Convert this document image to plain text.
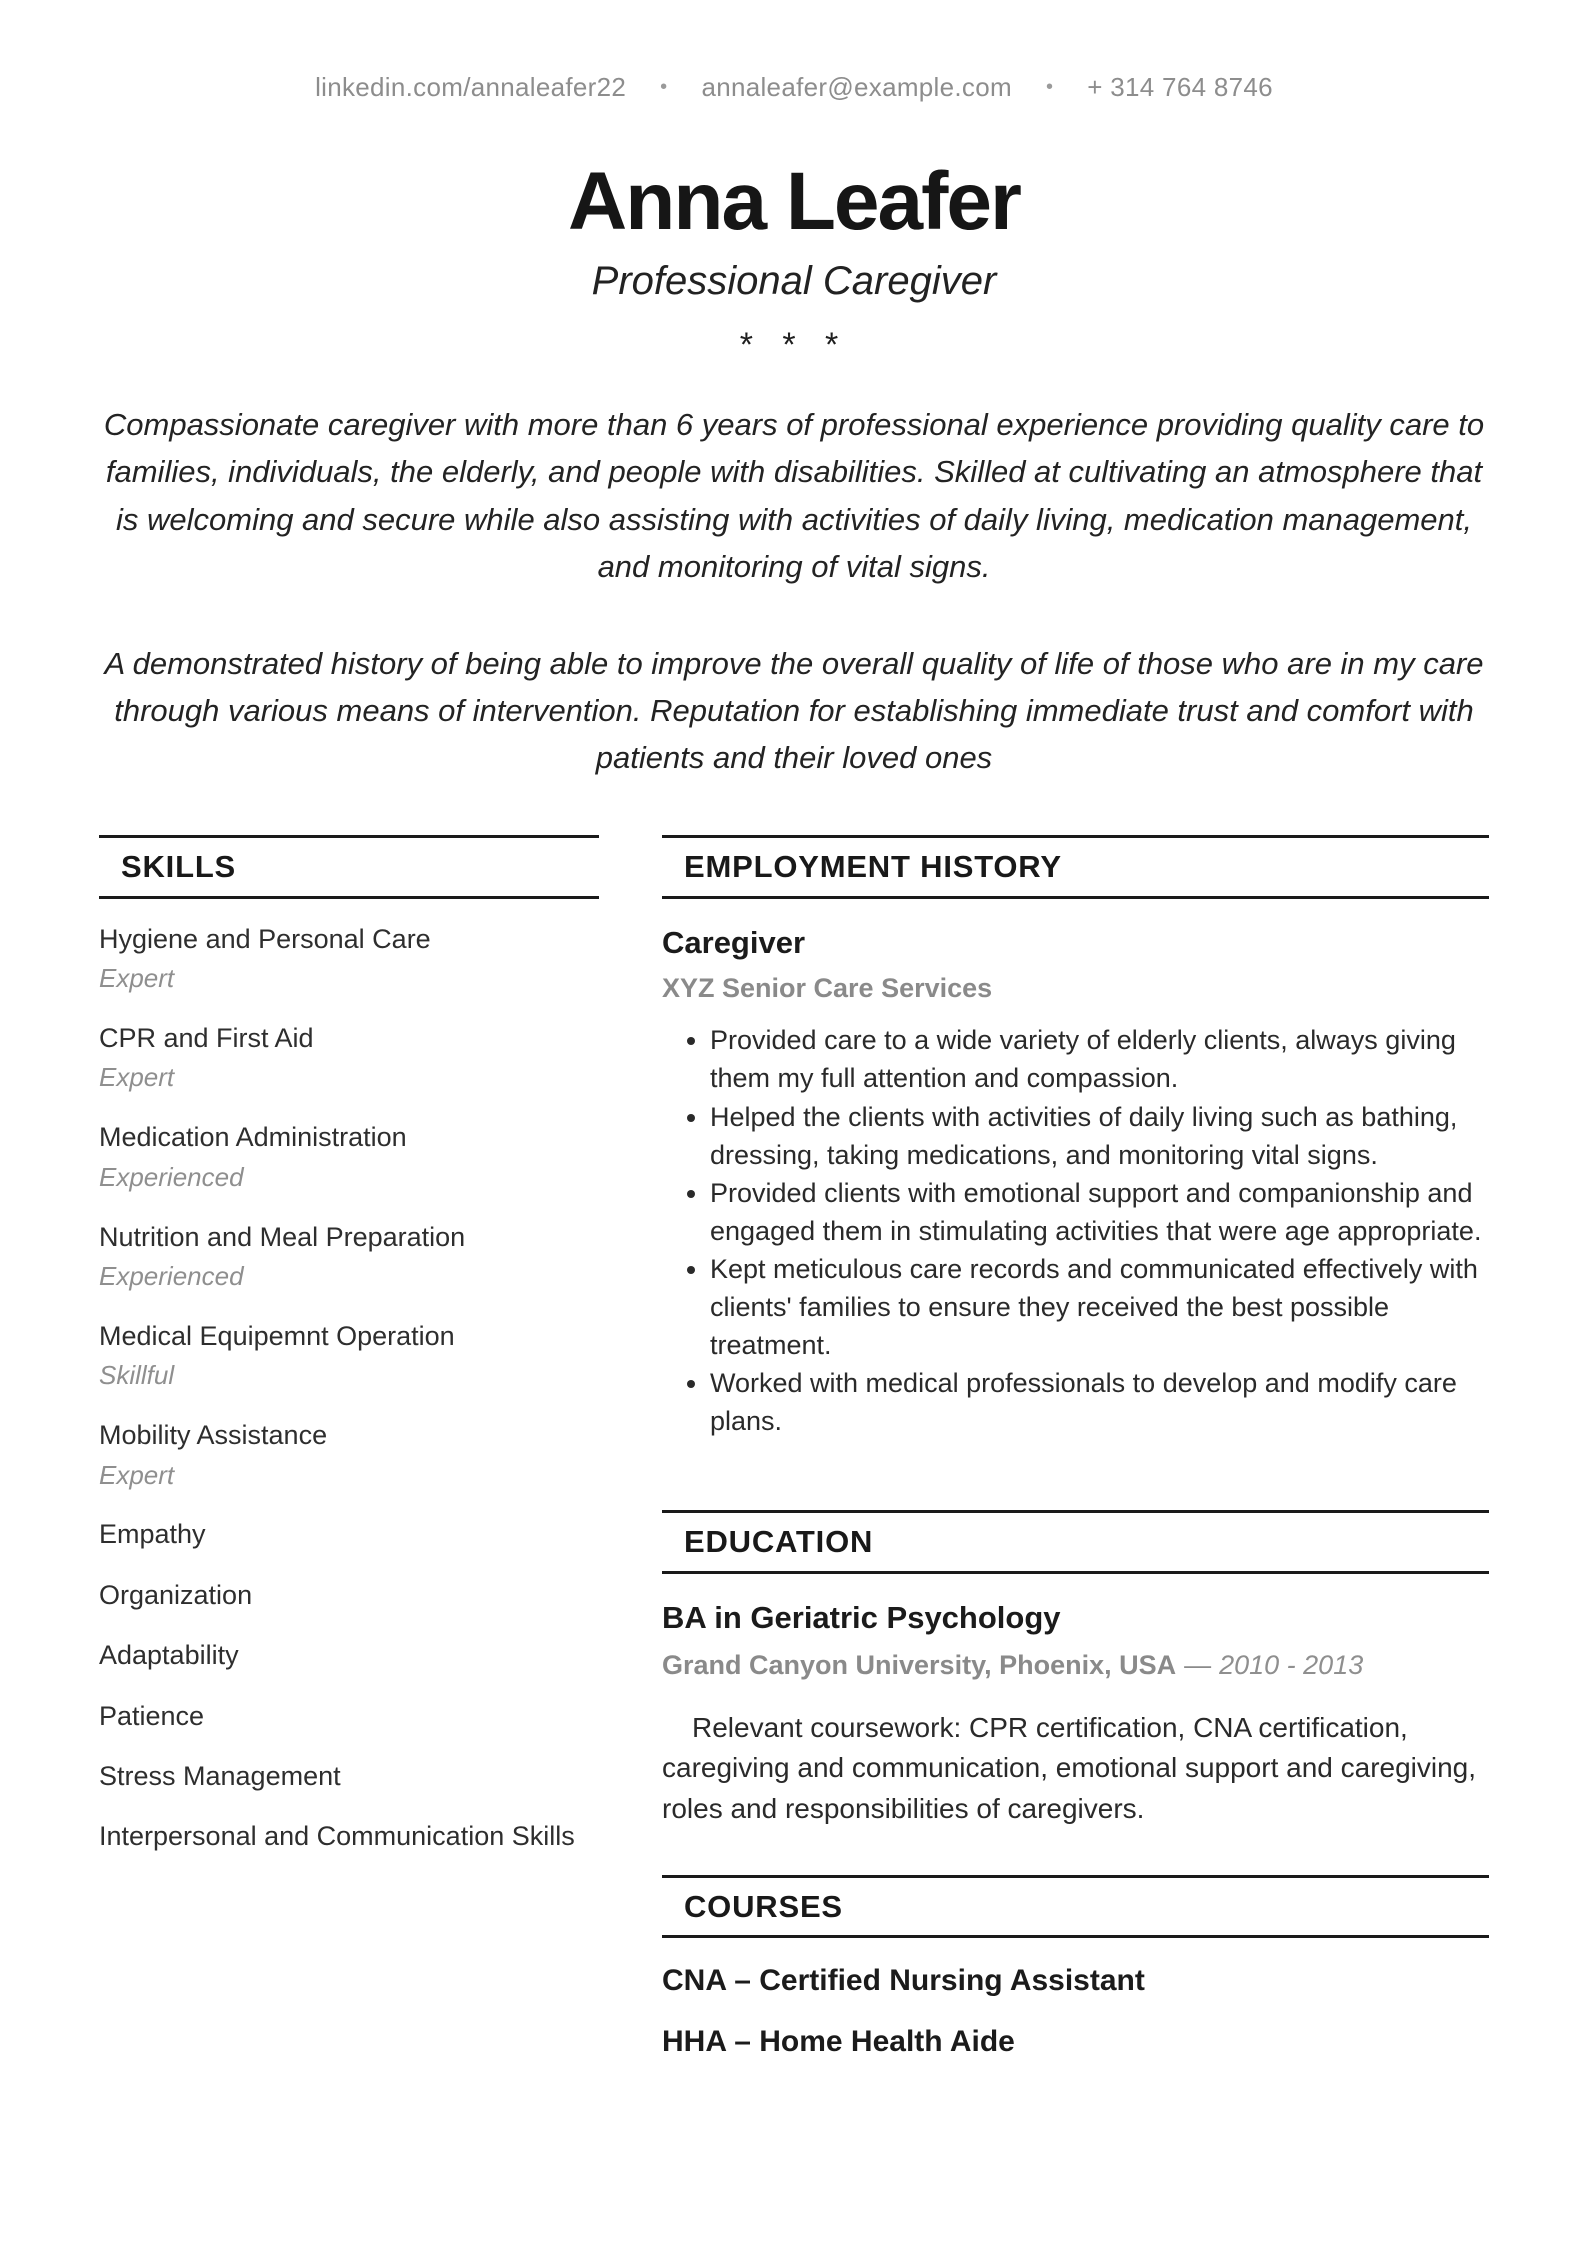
linkedin.com/annaleafer22 • annaleafer@example.com • + 314 764 8746
Anna Leafer
Professional Caregiver
* * *

Compassionate caregiver with more than 6 years of professional experience providing quality care to families, individuals, the elderly, and people with disabilities. Skilled at cultivating an atmosphere that is welcoming and secure while also assisting with activities of daily living, medication management, and monitoring of vital signs.

A demonstrated history of being able to improve the overall quality of life of those who are in my care through various means of intervention. Reputation for establishing immediate trust and comfort with patients and their loved ones

SKILLS
Hygiene and Personal Care
Expert
CPR and First Aid
Expert
Medication Administration
Experienced
Nutrition and Meal Preparation
Experienced
Medical Equipemnt Operation
Skillful
Mobility Assistance
Expert
Empathy
Organization
Adaptability
Patience
Stress Management
Interpersonal and Communication Skills
EMPLOYMENT HISTORY
Caregiver
XYZ Senior Care Services
• Provided care to a wide variety of elderly clients, always giving them my full attention and compassion.
• Helped the clients with activities of daily living such as bathing, dressing, taking medications, and monitoring vital signs.
• Provided clients with emotional support and companionship and engaged them in stimulating activities that were age appropriate.
• Kept meticulous care records and communicated effectively with clients' families to ensure they received the best possible treatment.
• Worked with medical professionals to develop and modify care plans.
EDUCATION
BA in Geriatric Psychology
Grand Canyon University, Phoenix, USA — 2010 - 2013

Relevant coursework: CPR certification, CNA certification, caregiving and communication, emotional support and caregiving, roles and responsibilities of caregivers.

COURSES
CNA – Certified Nursing Assistant
HHA – Home Health Aide
